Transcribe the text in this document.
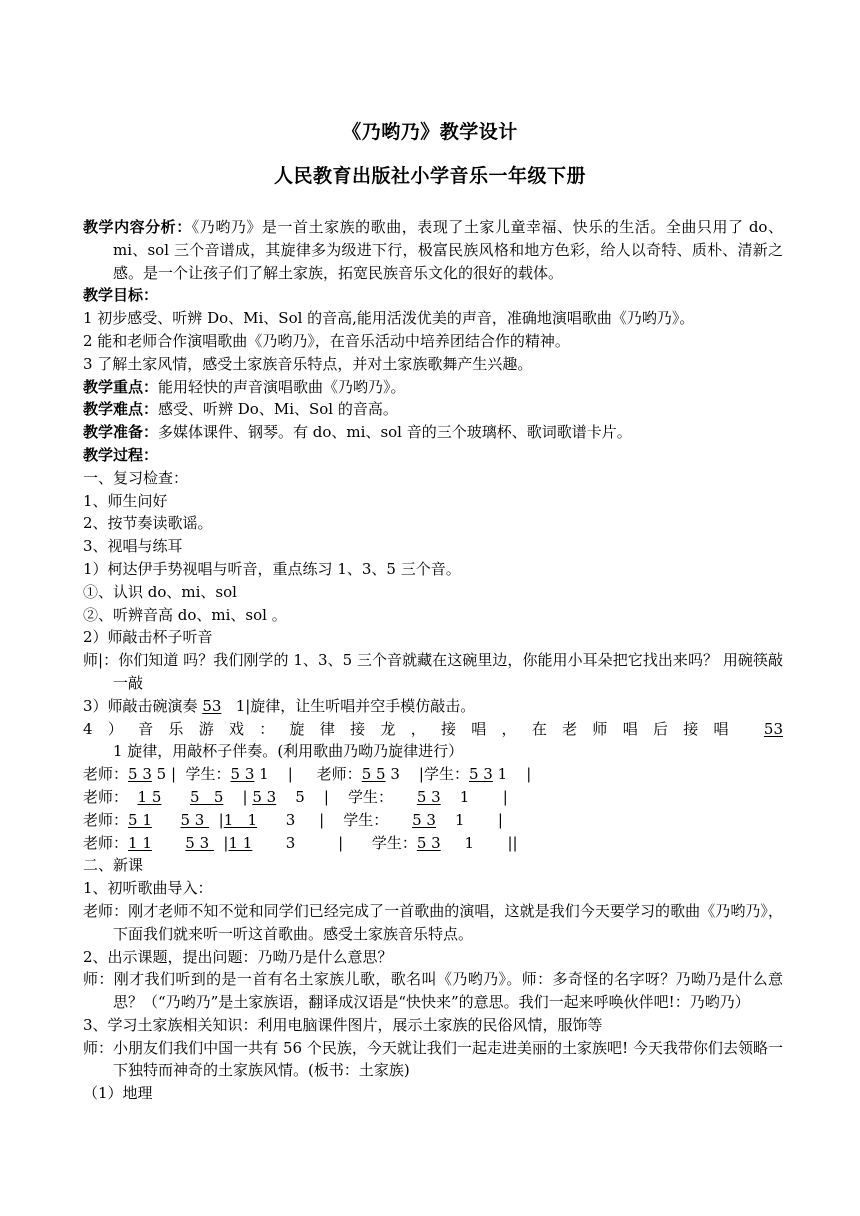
《乃哟乃》教学设计
人民教育出版社小学音乐一年级下册

教学内容分析：《乃哟乃》是一首土家族的歌曲，表现了土家儿童幸福、快乐的生活。全曲只用了 do、mi、sol 三个音谱成，其旋律多为级进下行，极富民族风格和地方色彩，给人以奇特、质朴、清新之感。是一个让孩子们了解土家族，拓宽民族音乐文化的很好的载体。

教学目标：

1 初步感受、听辨 Do、Mi、Sol 的音高,能用活泼优美的声音，准确地演唱歌曲《乃哟乃》。

2 能和老师合作演唱歌曲《乃哟乃》，在音乐活动中培养团结合作的精神。

3 了解土家风情，感受土家族音乐特点，并对土家族歌舞产生兴趣。

教学重点：能用轻快的声音演唱歌曲《乃哟乃》。

教学难点：感受、听辨 Do、Mi、Sol 的音高。

教学准备：多媒体课件、钢琴。有 do、mi、sol 音的三个玻璃杯、歌词歌谱卡片。

教学过程：

一、复习检查：

1、师生问好

2、按节奏读歌谣。

3、视唱与练耳

1）柯达伊手势视唱与听音，重点练习 1、3、5 三个音。

①、认识 do、mi、sol

②、听辨音高 do、mi、sol 。

2）师敲击杯子听音

师|：你们知道 吗？我们刚学的 1、3、5 三个音就藏在这碗里边，你能用小耳朵把它找出来吗？ 用碗筷敲一敲

3）师敲击碗演奏 53   1|旋律，让生听唱并空手模仿敲击。

4）音乐游戏：旋律接龙，接唱，在老师唱后接唱 53 1 旋律，用敲杯子伴奏。(利用歌曲乃呦乃旋律进行）

老师：5 3 5 |  学生：5 3 1    |     老师：5 5 3    |学生：5 3 1    |

老师：  1 5 5   5    | 5 3    5    |    学生：     5 3    1       |

老师：5 1 5 3   |1   1      3     |    学生：     5 3    1       |

老师：1 1 5 3   |1 1       3         |      学生：5 3     1       ||

二、新课

1、初听歌曲导入：

老师：刚才老师不知不觉和同学们已经完成了一首歌曲的演唱，这就是我们今天要学习的歌曲《乃哟乃》，下面我们就来听一听这首歌曲。感受土家族音乐特点。

2、出示课题，提出问题：乃呦乃是什么意思？

师：刚才我们听到的是一首有名土家族儿歌，歌名叫《乃哟乃》。师：多奇怪的名字呀？乃呦乃是什么意思？（“乃哟乃”是土家族语，翻译成汉语是“快快来”的意思。我们一起来呼唤伙伴吧!：乃哟乃）

3、学习土家族相关知识：利用电脑课件图片，展示土家族的民俗风情，服饰等

师：小朋友们我们中国一共有 56 个民族，今天就让我们一起走进美丽的土家族吧! 今天我带你们去领略一下独特而神奇的土家族风情。(板书：土家族)

（1）地理
